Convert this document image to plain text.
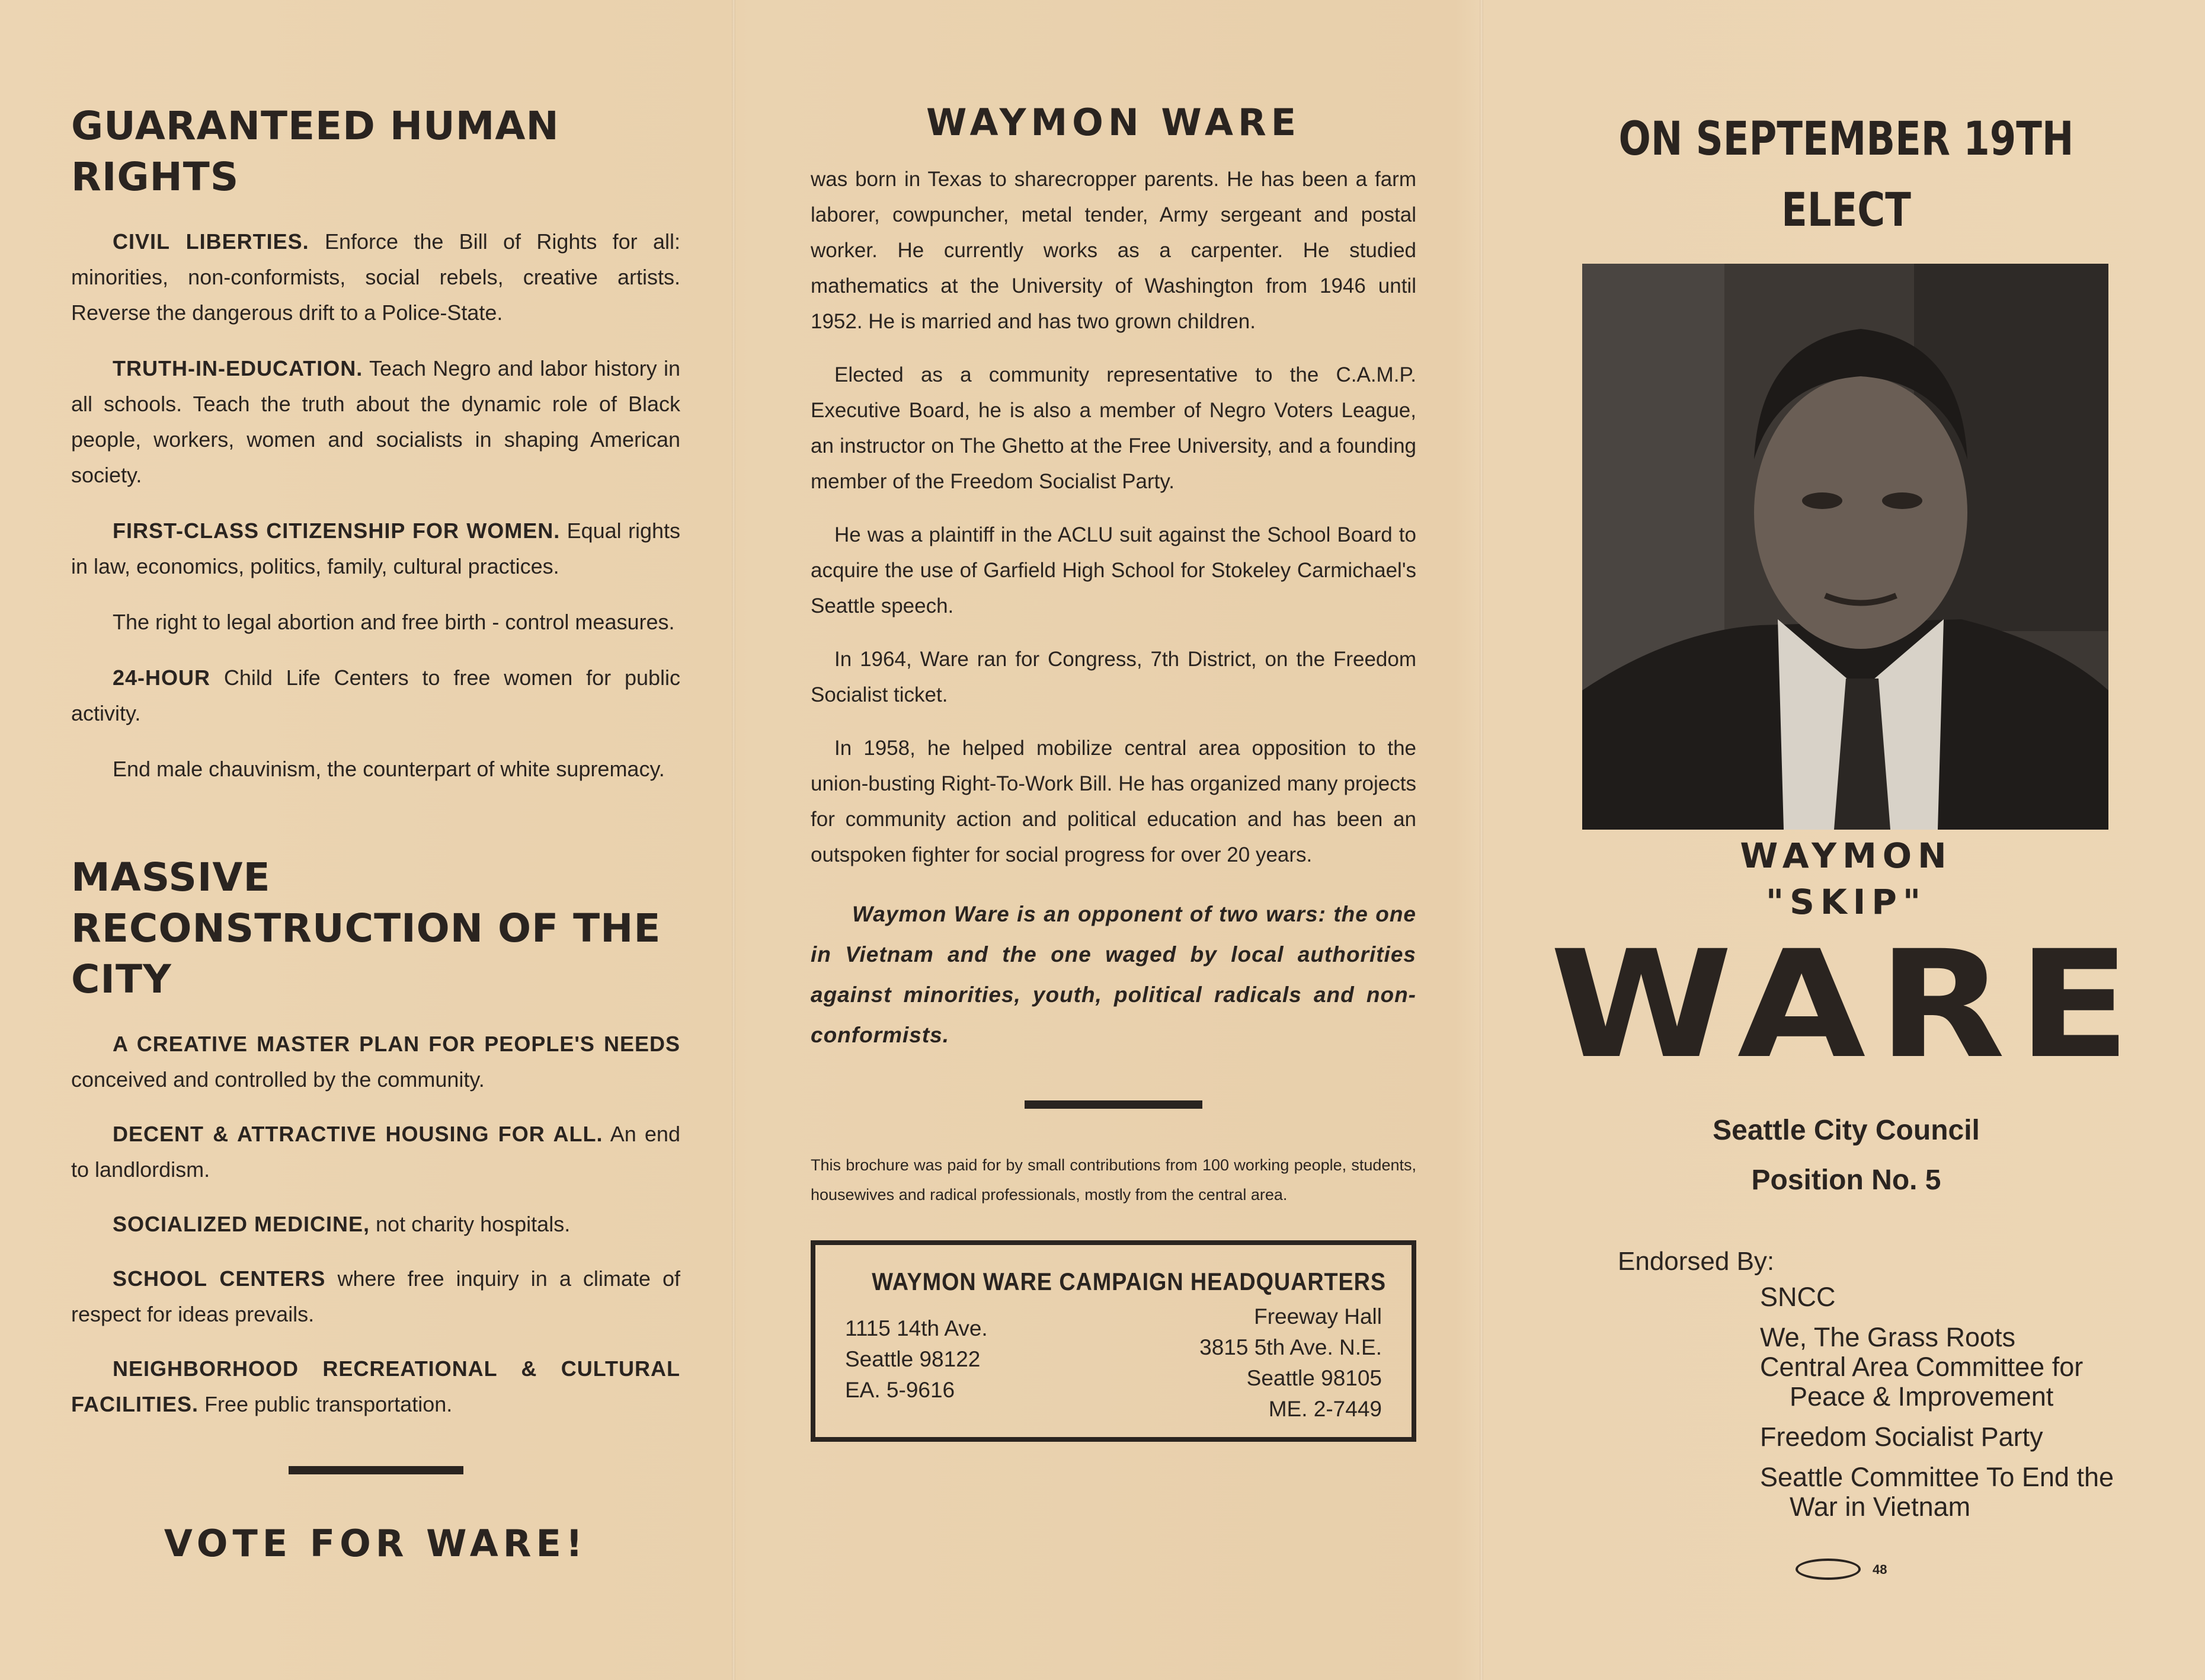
GUARANTEED HUMAN RIGHTS

CIVIL LIBERTIES. Enforce the Bill of Rights for all: minorities, non-conformists, social rebels, creative artists. Reverse the dangerous drift to a Police-State.

TRUTH-IN-EDUCATION. Teach Negro and labor history in all schools. Teach the truth about the dynamic role of Black people, workers, women and socialists in shaping American society.

FIRST-CLASS CITIZENSHIP FOR WOMEN. Equal rights in law, economics, politics, family, cultural practices.

The right to legal abortion and free birth - control measures.

24-HOUR Child Life Centers to free women for public activity.

End male chauvinism, the counterpart of white supremacy.

MASSIVE RECONSTRUCTION OF THE CITY

A CREATIVE MASTER PLAN FOR PEOPLE'S NEEDS conceived and controlled by the community.

DECENT & ATTRACTIVE HOUSING FOR ALL. An end to landlordism.

SOCIALIZED MEDICINE, not charity hospitals.

SCHOOL CENTERS where free inquiry in a climate of respect for ideas prevails.

NEIGHBORHOOD RECREATIONAL & CULTURAL FACILITIES. Free public transportation.

VOTE FOR WARE!
WAYMON WARE

was born in Texas to sharecropper parents. He has been a farm laborer, cowpuncher, metal tender, Army sergeant and postal worker. He currently works as a carpenter. He studied mathematics at the University of Washington from 1946 until 1952. He is married and has two grown children.

Elected as a community representative to the C.A.M.P. Executive Board, he is also a member of Negro Voters League, an instructor on The Ghetto at the Free University, and a founding member of the Freedom Socialist Party.

He was a plaintiff in the ACLU suit against the School Board to acquire the use of Garfield High School for Stokeley Carmichael's Seattle speech.

In 1964, Ware ran for Congress, 7th District, on the Freedom Socialist ticket.

In 1958, he helped mobilize central area opposition to the union-busting Right-To-Work Bill. He has organized many projects for community action and political education and has been an outspoken fighter for social progress for over 20 years.

Waymon Ware is an opponent of two wars: the one in Vietnam and the one waged by local authorities against minorities, youth, political radicals and non-conformists.

This brochure was paid for by small contributions from 100 working people, students, housewives and radical professionals, mostly from the central area.

WAYMON WARE CAMPAIGN HEADQUARTERS
1115 14th Ave.
Seattle 98122
EA. 5-9616
Freeway Hall
3815 5th Ave. N.E.
Seattle 98105
ME. 2-7449

ON SEPTEMBER 19TH

ELECT

WAYMON

"SKIP"

WARE

Seattle City Council

Position No. 5

Endorsed By:
SNCC
We, The Grass Roots
Central Area Committee for
Peace & Improvement
Freedom Socialist Party
Seattle Committee To End the
War in Vietnam
48
